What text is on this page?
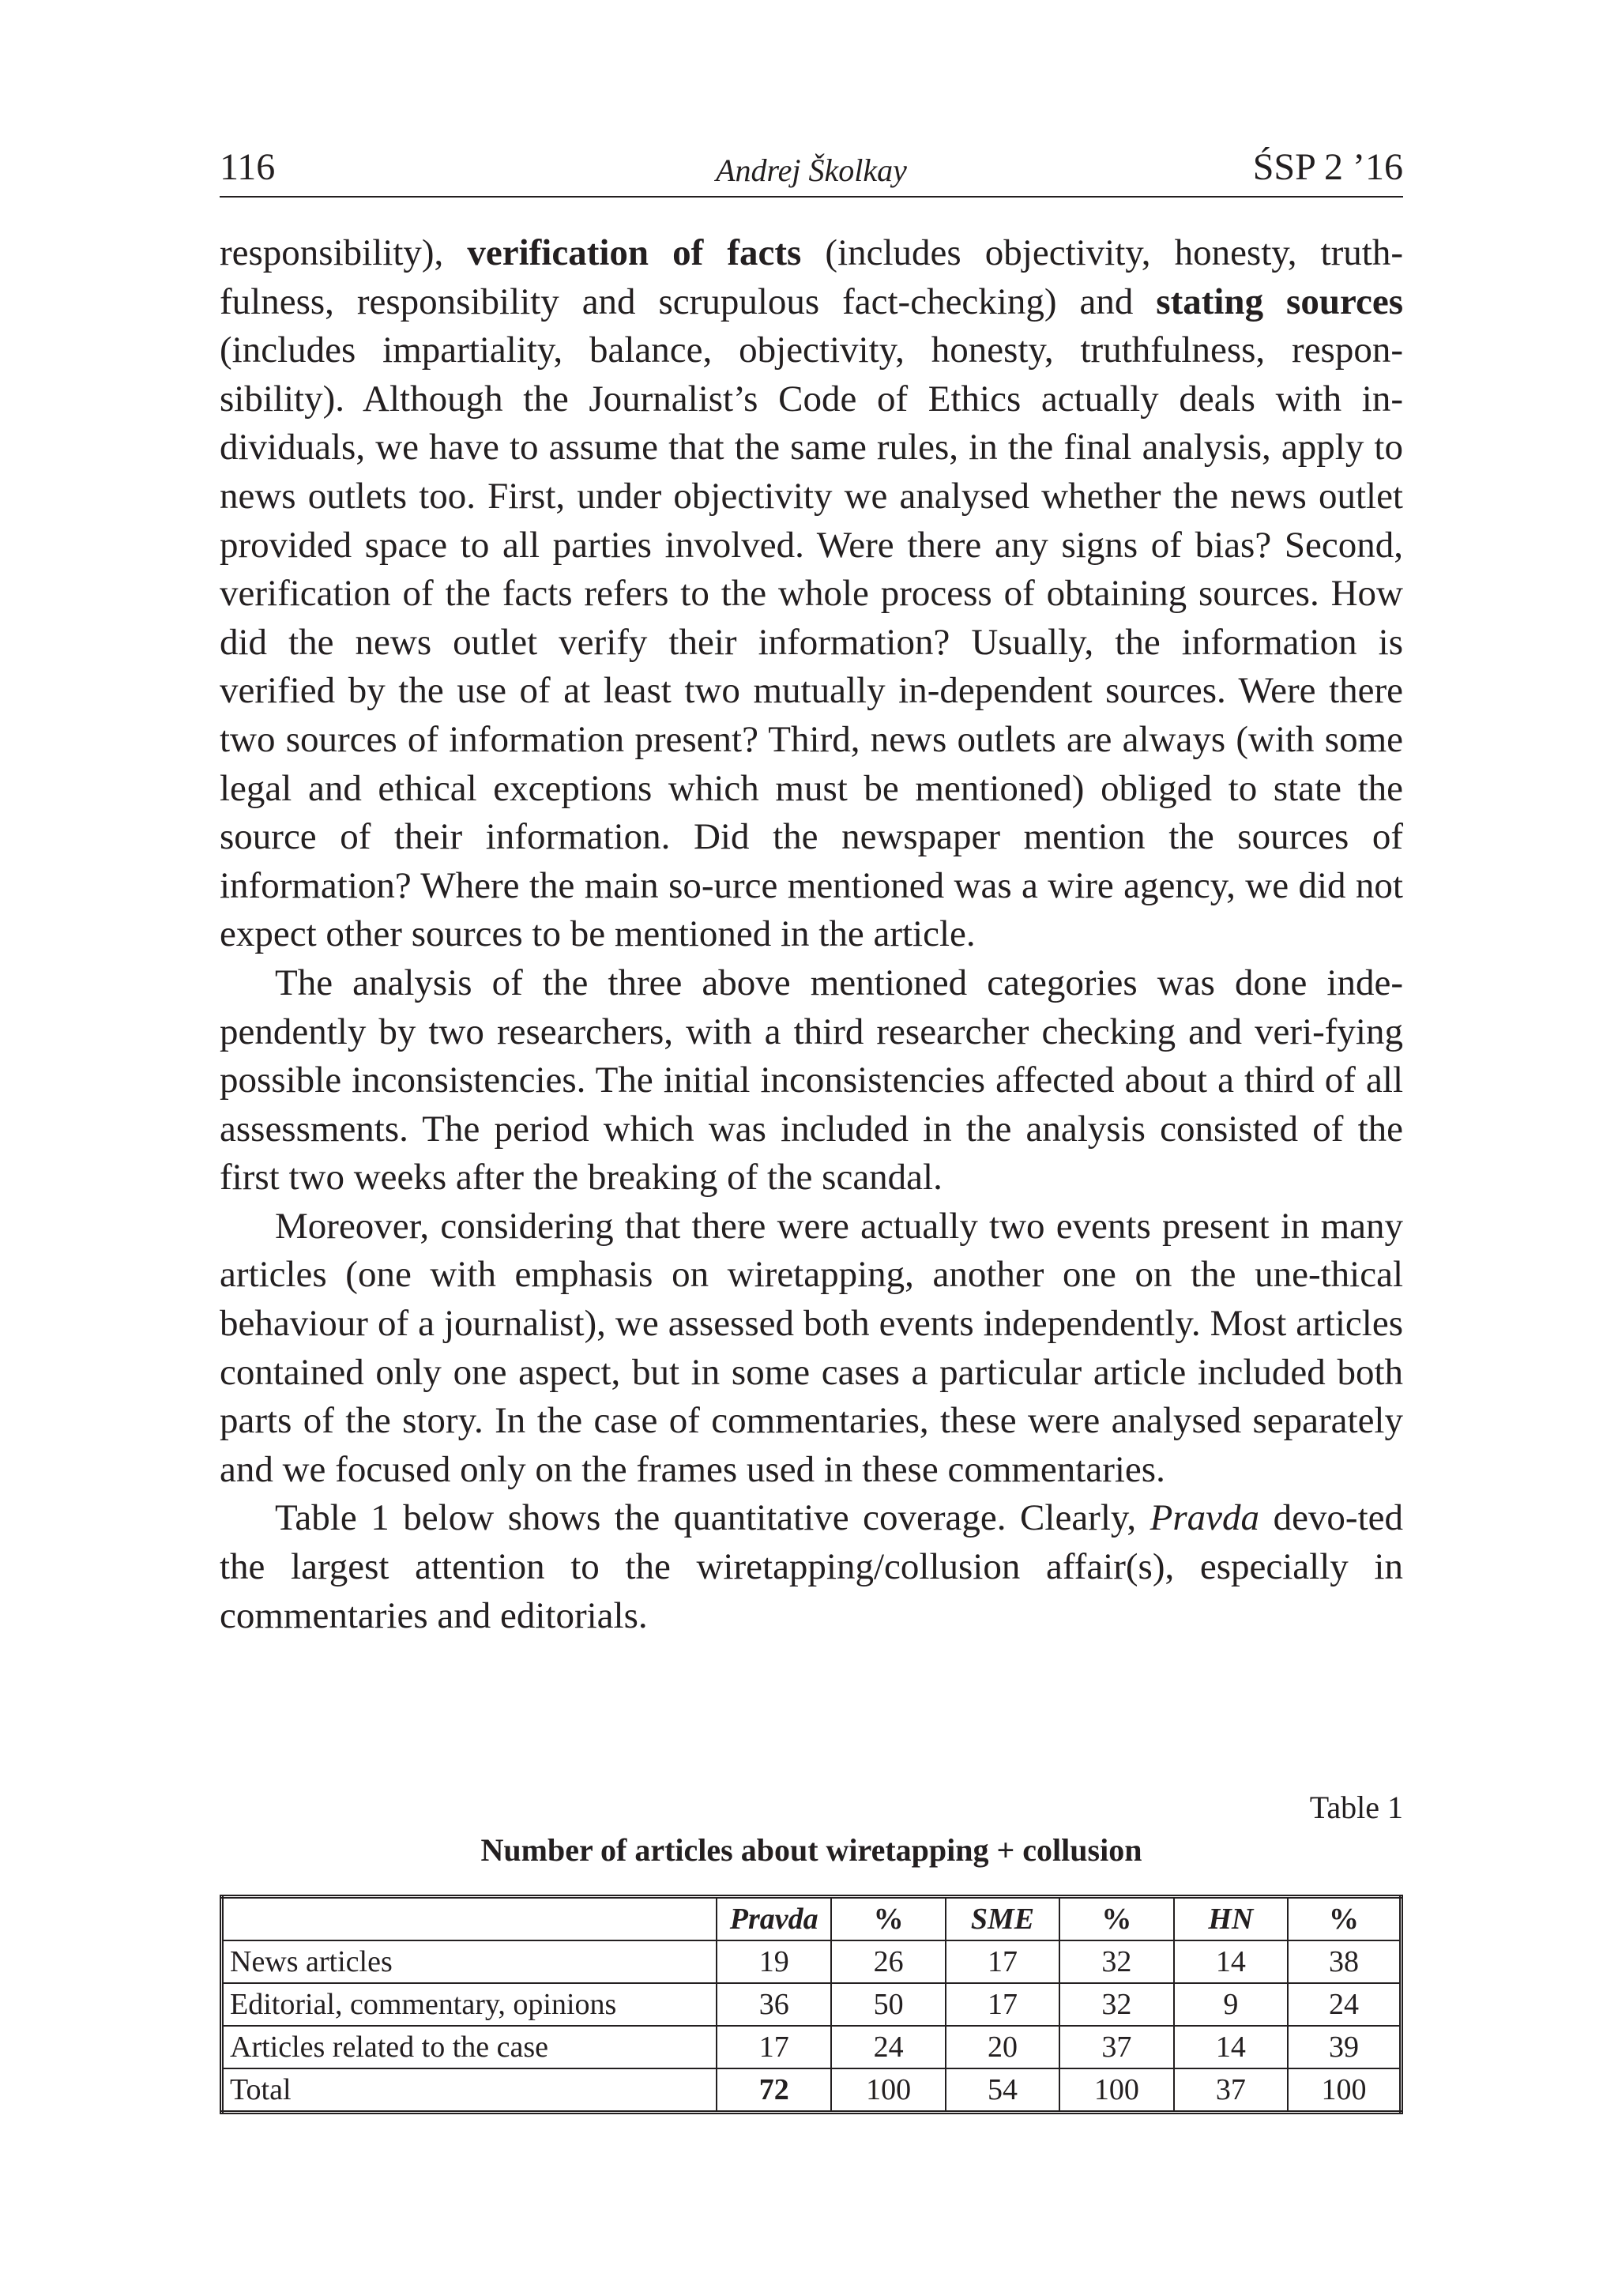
116	Andrej Školkay	ŚSP 2 ’16

responsibility), verification of facts (includes objectivity, honesty, truth-fulness, responsibility and scrupulous fact-checking) and stating sources (includes impartiality, balance, objectivity, honesty, truthfulness, respon-sibility). Although the Journalist’s Code of Ethics actually deals with in-dividuals, we have to assume that the same rules, in the final analysis, apply to news outlets too. First, under objectivity we analysed whether the news outlet provided space to all parties involved. Were there any signs of bias? Second, verification of the facts refers to the whole process of obtaining sources. How did the news outlet verify their information? Usually, the information is verified by the use of at least two mutually in-dependent sources. Were there two sources of information present? Third, news outlets are always (with some legal and ethical exceptions which must be mentioned) obliged to state the source of their information. Did the newspaper mention the sources of information? Where the main so-urce mentioned was a wire agency, we did not expect other sources to be mentioned in the article.

The analysis of the three above mentioned categories was done inde-pendently by two researchers, with a third researcher checking and veri-fying possible inconsistencies. The initial inconsistencies affected about a third of all assessments. The period which was included in the analysis consisted of the first two weeks after the breaking of the scandal.

Moreover, considering that there were actually two events present in many articles (one with emphasis on wiretapping, another one on the une-thical behaviour of a journalist), we assessed both events independently. Most articles contained only one aspect, but in some cases a particular article included both parts of the story. In the case of commentaries, these were analysed separately and we focused only on the frames used in these commentaries.

Table 1 below shows the quantitative coverage. Clearly, Pravda devo-ted the largest attention to the wiretapping/collusion affair(s), especially in commentaries and editorials.

Table 1
Number of articles about wiretapping + collusion
	Pravda	%	SME	%	HN	%
News articles	19	26	17	32	14	38
Editorial, commentary, opinions	36	50	17	32	9	24
Articles related to the case	17	24	20	37	14	39
Total	72	100	54	100	37	100
